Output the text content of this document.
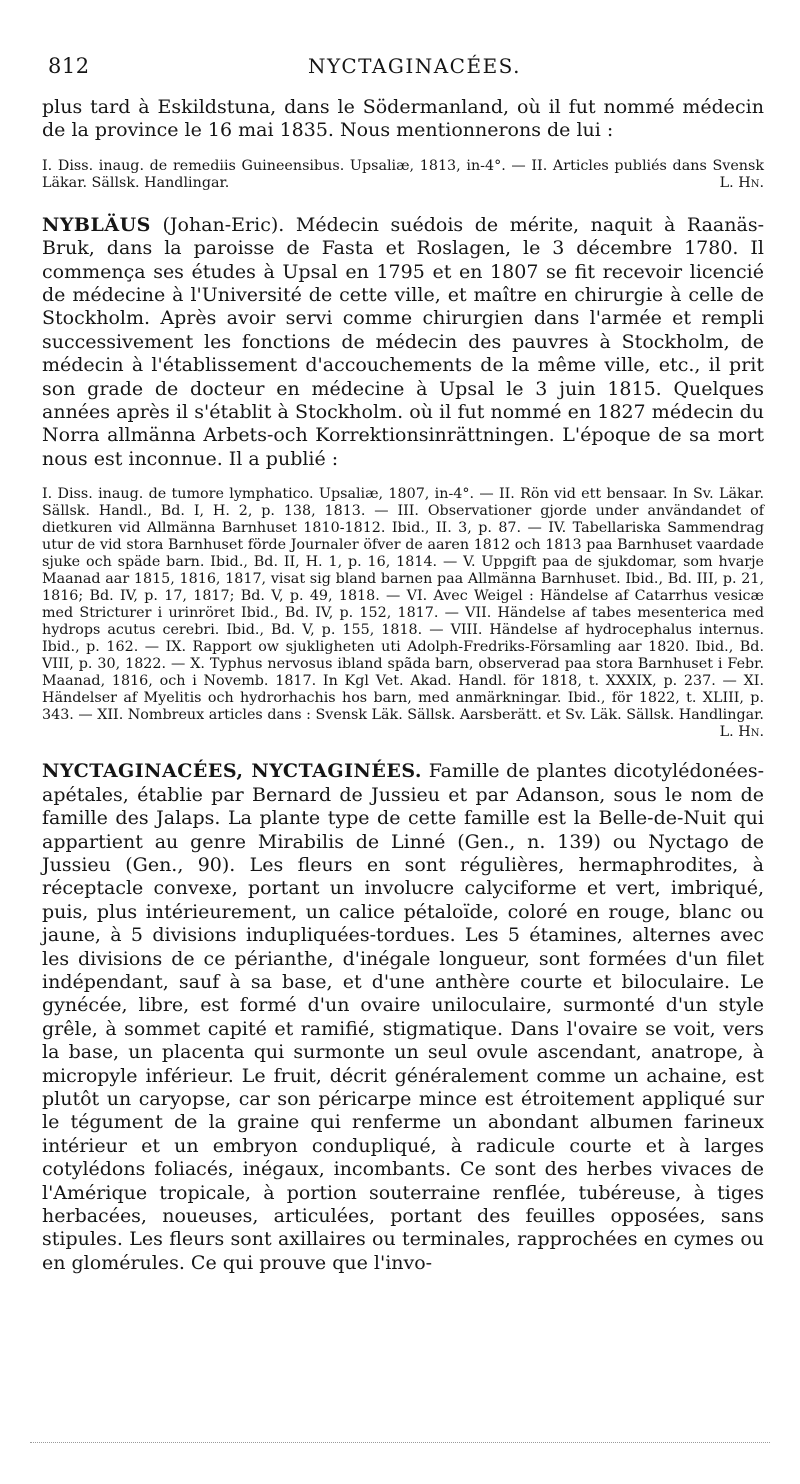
812	NYCTAGINACÉES.

plus tard à Eskildstuna, dans le Södermanland, où il fut nommé médecin de la province le 16 mai 1835. Nous mentionnerons de lui :

I. Diss. inaug. de remediis Guineensibus. Upsaliæ, 1813, in-4°. — II. Articles publiés dans Svensk Läkar. Sällsk. Handlingar.	L. Hn.

NYBLÄUS (Johan-Eric). Médecin suédois de mérite, naquit à Raanäs-Bruk, dans la paroisse de Fasta et Roslagen, le 3 décembre 1780. Il commença ses études à Upsal en 1795 et en 1807 se fit recevoir licencié de médecine à l'Université de cette ville, et maître en chirurgie à celle de Stockholm. Après avoir servi comme chirurgien dans l'armée et rempli successivement les fonctions de médecin des pauvres à Stockholm, de médecin à l'établissement d'accouchements de la même ville, etc., il prit son grade de docteur en médecine à Upsal le 3 juin 1815. Quelques années après il s'établit à Stockholm. où il fut nommé en 1827 médecin du Norra allmänna Arbets-och Korrektionsinrättningen. L'époque de sa mort nous est inconnue. Il a publié :

I. Diss. inaug. de tumore lymphatico. Upsaliæ, 1807, in-4°. — II. Rön vid ett bensaar. In Sv. Läkar. Sällsk. Handl., Bd. I, H. 2, p. 138, 1813. — III. Observationer gjorde under användandet of dietkuren vid Allmänna Barnhuset 1810-1812. Ibid., II. 3, p. 87. — IV. Tabellariska Sammendrag utur de vid stora Barnhuset förde Journaler öfver de aaren 1812 och 1813 paa Barnhuset vaardade sjuke och späde barn. Ibid., Bd. II, H. 1, p. 16, 1814. — V. Uppgift paa de sjukdomar, som hvarje Maanad aar 1815, 1816, 1817, visat sig bland barnen paa Allmänna Barnhuset. Ibid., Bd. III, p. 21, 1816; Bd. IV, p. 17, 1817; Bd. V, p. 49, 1818. — VI. Avec Weigel : Händelse af Catarrhus vesicæ med Stricturer i urinröret Ibid., Bd. IV, p. 152, 1817. — VII. Händelse af tabes mesenterica med hydrops acutus cerebri. Ibid., Bd. V, p. 155, 1818. — VIII. Händelse af hydrocephalus internus. Ibid., p. 162. — IX. Rapport ow sjukligheten uti Adolph-Fredriks-Församling aar 1820. Ibid., Bd. VIII, p. 30, 1822. — X. Typhus nervosus ibland spãda barn, observerad paa stora Barnhuset i Febr. Maanad, 1816, och i Novemb. 1817. In Kgl Vet. Akad. Handl. för 1818, t. XXXIX, p. 237. — XI. Händelser af Myelitis och hydrorhachis hos barn, med anmärkningar. Ibid., för 1822, t. XLIII, p. 343. — XII. Nombreux articles dans : Svensk Läk. Sällsk. Aarsberätt. et Sv. Läk. Sällsk. Handlingar.
L. Hn.

NYCTAGINACÉES, NYCTAGINÉES. Famille de plantes dicotylédonées-apétales, établie par Bernard de Jussieu et par Adanson, sous le nom de famille des Jalaps. La plante type de cette famille est la Belle-de-Nuit qui appartient au genre Mirabilis de Linné (Gen., n. 139) ou Nyctago de Jussieu (Gen., 90). Les fleurs en sont régulières, hermaphrodites, à réceptacle convexe, portant un involucre calyciforme et vert, imbriqué, puis, plus intérieurement, un calice pétaloïde, coloré en rouge, blanc ou jaune, à 5 divisions indupliquées-tordues. Les 5 étamines, alternes avec les divisions de ce périanthe, d'inégale longueur, sont formées d'un filet indépendant, sauf à sa base, et d'une anthère courte et biloculaire. Le gynécée, libre, est formé d'un ovaire uniloculaire, surmonté d'un style grêle, à sommet capité et ramifié, stigmatique. Dans l'ovaire se voit, vers la base, un placenta qui surmonte un seul ovule ascendant, anatrope, à micropyle inférieur. Le fruit, décrit généralement comme un achaine, est plutôt un caryopse, car son péricarpe mince est étroitement appliqué sur le tégument de la graine qui renferme un abondant albumen farineux intérieur et un embryon condupliqué, à radicule courte et à larges cotylédons foliacés, inégaux, incombants. Ce sont des herbes vivaces de l'Amérique tropicale, à portion souterraine renflée, tubéreuse, à tiges herbacées, noueuses, articulées, portant des feuilles opposées, sans stipules. Les fleurs sont axillaires ou terminales, rapprochées en cymes ou en glomérules. Ce qui prouve que l'invo-
